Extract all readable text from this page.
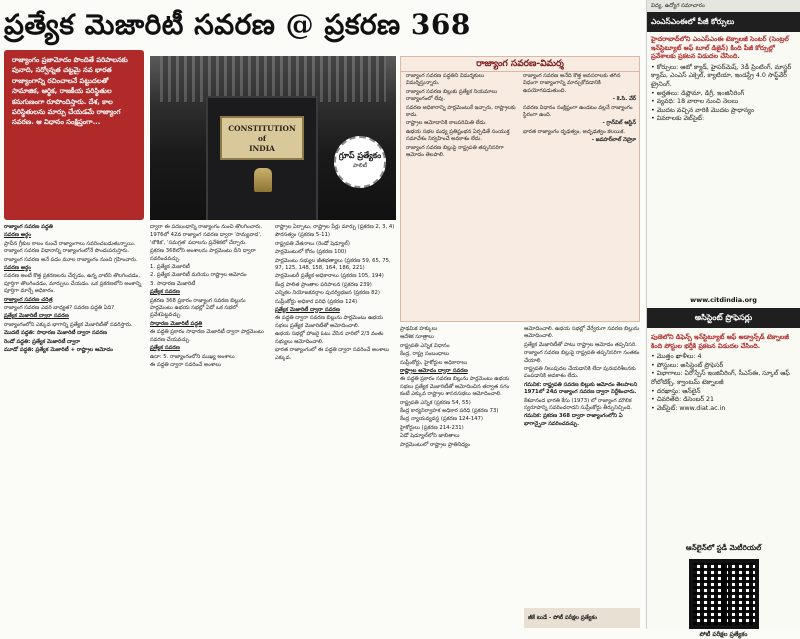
ప్రత్యేక మెజారిటీ సవరణ @ ప్రకరణ 368
రాజ్యాంగం ప్రజామోదం పొందితే పరిపాలనకు పునాది, సర్వోన్నత చట్టమై నవ భారత రాజ్యాంగాన్ని రచించాలనే పట్టుదలతో సామాజిక, ఆర్థిక, రాజకీయ పరిస్థితుల కనుగుణంగా రూపొందిస్తారు. దేశ, కాల పరిస్థితులను మార్పు చేయడమే రాజ్యాంగ సవరణ. ఆ విధానం సంక్షిప్తంగా...

రాజ్యాంగ సవరణ పద్ధతి

సవరణ అర్థం

ప్రాచీన గ్రీకుల కాలం నుంచే రాజ్యాంగాలు సవరించబడుతున్నాయి. రాజ్యాంగ సవరణ విధానాన్ని రాజ్యాంగంలోనే పొందుపరుస్తారు.

రాజ్యాంగ సవరణ అనే పదం మూల రాజ్యాంగం నుంచి గ్రహించారు.

సవరణ అర్థం

సవరణ అంటే కొత్త ప్రకరణలను చేర్చడం, ఉన్న వాటిని తొలగించడం, పూర్తిగా తొలగించడం, మార్పులు చేయడం. ఒక ప్రకరణలోని అంశాన్ని పూర్తిగా మార్చే అధికారం.

రాజ్యాంగ సవరణ చరిత్ర

రాజ్యాంగ సవరణ ఎవరి బాధ్యత? సవరణ పద్ధతి ఏది?

ప్రత్యేక మెజారిటీ ద్వారా సవరణ

రాజ్యాంగంలోని ఎక్కువ భాగాన్ని ప్రత్యేక మెజారిటీతో సవరిస్తారు.

మొదటి పద్ధతి: సాధారణ మెజారిటీ ద్వారా సవరణ

రెండో పద్ధతి: ప్రత్యేక మెజారిటీ ద్వారా

మూడో పద్ధతి: ప్రత్యేక మెజారిటీ + రాష్ట్రాల ఆమోదం

CONSTITUTION
of
INDIA
గ్రూప్ ప్రత్యేకం
పాలిటీ

ద్వారా ఈ పదబంధాన్ని రాజ్యాంగం నుంచి తొలగించారు.

1976లో 42వ రాజ్యాంగ సవరణ ద్వారా 'సామ్యవాద', 'లౌకిక', 'సమగ్రత' పదాలను ప్రవేశికలో చేర్చారు.

ప్రకరణ 368లోని అంశాలను పార్లమెంటు దీని ద్వారా సవరించవచ్చు.

1. ప్రత్యేక మెజారిటీ

2. ప్రత్యేక మెజారిటీ మరియు రాష్ట్రాల ఆమోదం

3. సాధారణ మెజారిటీ

ప్రత్యేక సవరణ

ప్రకరణ 368 ప్రకారం రాజ్యాంగ సవరణ బిల్లును పార్లమెంటు ఉభయ సభల్లో ఏదో ఒక సభలో ప్రవేశపెట్టవచ్చు.

సాధారణ మెజారిటీ పద్ధతి

ఈ పద్ధతి ప్రకారం సాధారణ మెజారిటీ ద్వారా పార్లమెంటు సవరణ చేయవచ్చు.

ప్రత్యేక సవరణ

ఉదా: 5. రాజ్యాంగంలోని ముఖ్య అంశాలు

ఈ పద్ధతి ద్వారా సవరించే అంశాలు

రాష్ట్రాల ఏర్పాటు, రాష్ట్రాల పేర్లు మార్పు (ప్రకరణ 2, 3, 4)

పౌరసత్వం (ప్రకరణ 5-11)

రాష్ట్రపతి వేతనాలు (రెండో షెడ్యూల్)

పార్లమెంటులో కోరం (ప్రకరణ 100)

పార్లమెంటు సభ్యుల జీతభత్యాలు (ప్రకరణ 59, 65, 75, 97, 125, 148, 158, 164, 186, 221)

పార్లమెంటరీ ప్రత్యేక అధికారాలు (ప్రకరణ 105, 194)

కేంద్ర పాలిత ప్రాంతాల పరిపాలన (ప్రకరణ 239)

ఎన్నికల నియోజకవర్గాల పునర్విభజన (ప్రకరణ 82)

సుప్రీంకోర్టు అధికార పరిధి (ప్రకరణ 124)

ప్రత్యేక మెజారిటీ ద్వారా సవరణ

ఈ పద్ధతి ద్వారా సవరణ బిల్లును పార్లమెంటు ఉభయ సభలు ప్రత్యేక మెజారిటీతో ఆమోదించాలి.

ఉభయ సభల్లో హాజరై ఓటు వేసిన వారిలో 2/3 వంతు సభ్యులు ఆమోదించాలి.

భారత రాజ్యాంగంలో ఈ పద్ధతి ద్వారా సవరించే అంశాలు ఎక్కువ.

రాజ్యాంగ సవరణ-విమర్శ

రాజ్యాంగ సవరణ పద్ధతిని విమర్శకులు విమర్శిస్తున్నారు.

రాజ్యాంగ సవరణ బిల్లుకు ప్రత్యేక నియమాలు రాజ్యాంగంలో లేవు.

సవరణ అధికారాన్ని పార్లమెంటుకే ఇచ్చారు, రాష్ట్రాలకు కాదు.

రాష్ట్రాల ఆమోదానికి కాలపరిమితి లేదు.

ఉభయ సభల మధ్య ప్రతిష్టంభన ఏర్పడితే సంయుక్త సమావేశం నిర్వహించే అవకాశం లేదు.

రాజ్యాంగ సవరణ బిల్లుపై రాష్ట్రపతి తప్పనిసరిగా ఆమోదం తెలపాలి.

రాజ్యాంగ సవరణ అనేది కొత్త అవసరాలకు తగిన విధంగా రాజ్యాంగాన్ని మార్చుకోవడానికి ఉపయోగపడుతుంది.

- కె.సి. వేర్

సవరణ విధానం సంక్లిష్టంగా ఉండటం వల్లనే రాజ్యాంగం స్థిరంగా ఉంది.

- గ్రాన్‌విల్ ఆస్టిన్

భారత రాజ్యాంగం దృఢత్వం, అదృఢత్వం కలయిక.

- జవహర్‌లాల్ నెహ్రూ

ప్రాథమిక హక్కులు

ఆదేశిక సూత్రాలు

రాష్ట్రపతి ఎన్నిక విధానం

కేంద్ర, రాష్ట్ర సంబంధాలు

సుప్రీంకోర్టు, హైకోర్టుల అధికారాలు

రాష్ట్రాల ఆమోదం ద్వారా సవరణ

ఈ పద్ధతి ప్రకారం సవరణ బిల్లును పార్లమెంటు ఉభయ సభలు ప్రత్యేక మెజారిటీతో ఆమోదించిన తర్వాత సగం కంటే ఎక్కువ రాష్ట్రాల శాసనసభలు ఆమోదించాలి.

రాష్ట్రపతి ఎన్నిక (ప్రకరణ 54, 55)

కేంద్ర కార్యనిర్వాహక అధికార పరిధి (ప్రకరణ 73)

కేంద్ర న్యాయవ్యవస్థ (ప్రకరణ 124-147)

హైకోర్టులు (ప్రకరణ 214-231)

ఏడో షెడ్యూల్‌లోని జాబితాలు

పార్లమెంటులో రాష్ట్రాల ప్రాతినిధ్యం

ఆమోదించాలి. ఉభయ సభల్లో వేర్వేరుగా సవరణ బిల్లును ఆమోదించాలి.

ప్రత్యేక మెజారిటీతో పాటు రాష్ట్రాల ఆమోదం తప్పనిసరి.

రాజ్యాంగ సవరణ బిల్లుపై రాష్ట్రపతి తప్పనిసరిగా సంతకం చేయాలి.

రాష్ట్రపతి నిలుపుదల చేయడానికి లేదా పునఃపరిశీలనకు పంపడానికి అవకాశం లేదు.

గమనిక: రాష్ట్రపతి సవరణ బిల్లుకు ఆమోదం తెలపాలని 1971లో 24వ రాజ్యాంగ సవరణ ద్వారా నిర్దేశించారు.

కేశవానంద భారతి కేసు (1973) లో రాజ్యాంగ మౌలిక స్వరూపాన్ని సవరించరాదని సుప్రీంకోర్టు తీర్పునిచ్చింది.

గమనిక: ప్రకరణ 368 ద్వారా రాజ్యాంగంలోని ఏ భాగాన్నైనా సవరించవచ్చు.

జీకే టుడే - పోటీ పరీక్షల ప్రత్యేకం
విద్య, ఉద్యోగ సమాచారం
ఎంఎస్‌ఎంఈలో పీజీ కోర్సులు
హైదరాబాద్‌లోని ఎంఎస్‌ఎంఈ టెక్నాలజీ సెంటర్ (సెంట్రల్ ఇన్‌స్టిట్యూట్ ఆఫ్ టూల్ డిజైన్) కింది పీజీ కోర్సుల్లో ప్రవేశాలకు ప్రకటన విడుదల చేసింది.
• కోర్సులు: ఆటో క్యాడ్, హైపర్‌మెష్, 3డీ ప్రింటింగ్, మాస్టర్ క్యామ్, ఎంఎస్ ఎక్సెల్, క్యాటియా, ఇండస్ట్రీ 4.0 సాఫ్ట్‌వేర్ ట్రైనింగ్.
• అర్హతలు: డిప్లొమా, డిగ్రీ, ఇంజినీరింగ్
• వ్యవధి: 18 వారాల నుంచి నెలలు
• మొదట వచ్చిన వారికి మొదట ప్రాధాన్యం
• వివరాలకు వెబ్‌సైట్:
www.citdindia.org
అసిస్టెంట్ ప్రొఫెసర్లు
పుణెలోని డిఫెన్స్ ఇన్‌స్టిట్యూట్ ఆఫ్ అడ్వాన్స్‌డ్ టెక్నాలజీ కింది పోస్టుల భర్తీకి ప్రకటన విడుదల చేసింది.
• మొత్తం ఖాళీలు: 4
• పోస్టులు: అసిస్టెంట్ ప్రొఫెసర్
• విభాగాలు: ఏరోస్పేస్ ఇంజినీరింగ్, సీఎస్ఈ, స్కూల్ ఆఫ్ రోబోటిక్స్, క్వాంటమ్ టెక్నాలజీ
• దరఖాస్తు: ఆన్‌లైన్
• చివరితేది: డిసెంబర్ 21
• వెబ్‌సైట్: www.diat.ac.in
ఆన్‌లైన్‌లో స్టడీ మెటీరియల్
పోటీ పరీక్షల ప్రత్యేకం
